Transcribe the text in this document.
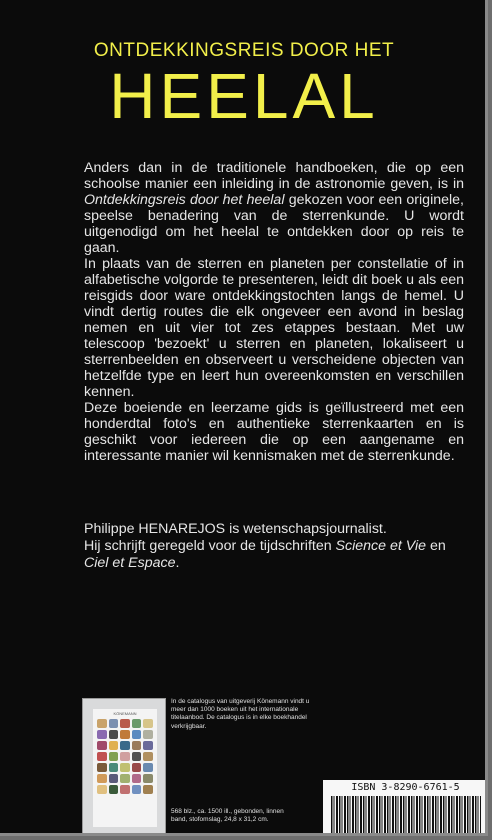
ONTDEKKINGSREIS DOOR HET
HEELAL

Anders dan in de traditionele handboeken, die op een schoolse manier een inleiding in de astronomie geven, is in Ontdekkingsreis door het heelal gekozen voor een originele, speelse benadering van de sterrenkunde. U wordt uitgenodigd om het heelal te ontdekken door op reis te gaan.

In plaats van de sterren en planeten per constellatie of in alfabetische volgorde te presenteren, leidt dit boek u als een reisgids door ware ontdekkingstochten langs de hemel. U vindt dertig routes die elk ongeveer een avond in beslag nemen en uit vier tot zes etappes bestaan. Met uw telescoop 'bezoekt' u sterren en planeten, lokaliseert u sterrenbeelden en observeert u verscheidene objecten van hetzelfde type en leert hun overeenkomsten en verschillen kennen.

Deze boeiende en leerzame gids is geïllustreerd met een honderdtal foto's en authentieke sterrenkaarten en is geschikt voor iedereen die op een aangename en interessante manier wil kennismaken met de sterrenkunde.

Philippe HENAREJOS is wetenschapsjournalist.
Hij schrijft geregeld voor de tijdschriften Science et Vie en Ciel et Espace.
KÖNEMANN
In de catalogus van uitgeverij Könemann vindt u meer dan 1000 boeken uit het internationale titelaanbod. De catalogus is in elke boekhandel verkrijgbaar.
568 blz., ca. 1500 ill., gebonden, linnen band, stofomslag, 24,8 x 31,2 cm.
ISBN 3-8290-6761-5
